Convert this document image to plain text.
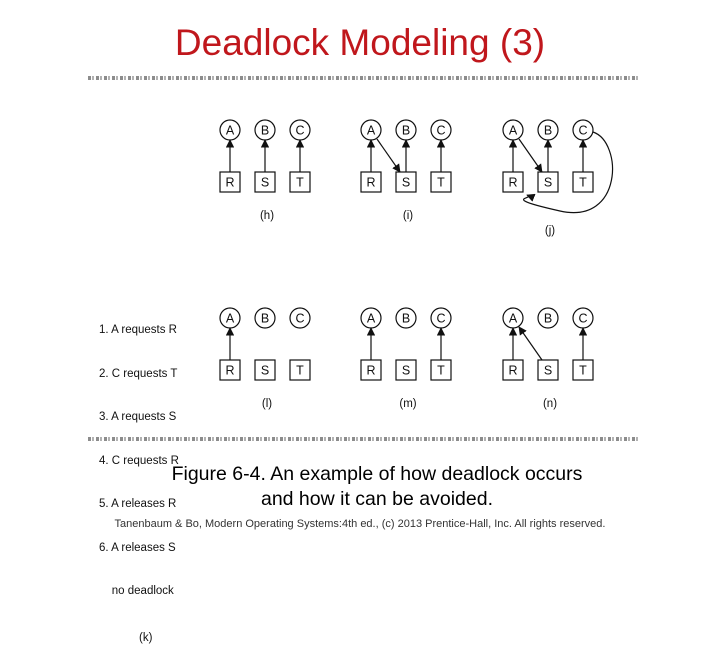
Deadlock Modeling (3)
A B C
R S T
(h)
A B C
R S T
(i)
A B C
R S T
(j)
A B C
R S T
(l)
A B C
R S T
(m)
A B C
R S T
(n)

1. A requests R

2. C requests T

3. A requests S

4. C requests R

5. A releases R

6. A releases S

no deadlock

(k)

Figure 6-4. An example of how deadlock occurs
and how it can be avoided.
Tanenbaum & Bo, Modern Operating Systems:4th ed., (c) 2013 Prentice-Hall, Inc. All rights reserved.
